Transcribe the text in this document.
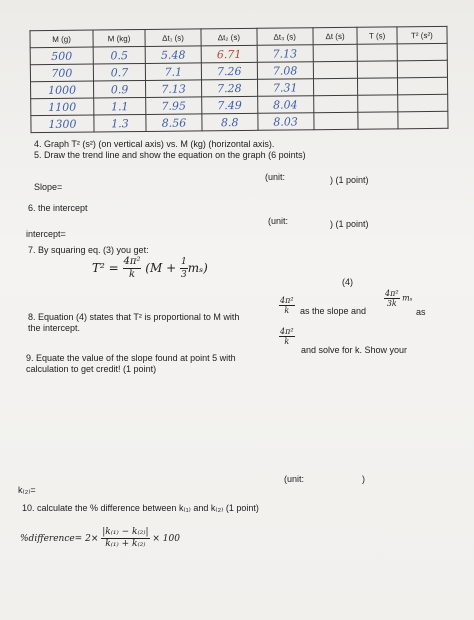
M (g)	M (kg)	Δt₁ (s)	Δt₂ (s)	Δt₃ (s)	Δt (s)	T (s)	T² (s²)
500	0.5	5.48	6.71	7.13			
700	0.7	7.1	7.26	7.08			
1000	0.9	7.13	7.28	7.31			
1100	1.1	7.95	7.49	8.04			
1300	1.3	8.56	8.8	8.03			
4. Graph T² (s²) (on vertical axis) vs. M (kg) (horizontal axis).
5. Draw the trend line and show the equation on the graph (6 points)
Slope=
(unit:	) (1 point)
6. the intercept
(unit:	) (1 point)
intercept=
7. By squaring eq. (3) you get:
$T^2 = \frac{\text{4π²}}{k} (M + \frac{1}{3} m_s)$
(4)
8. Equation (4) states that T² is proportional to M with
$\frac{\text{4π²}}{k}$ as the slope and
$\frac{\text{4π²}}{3k}$ mₛ
as
the intercept.
9. Equate the value of the slope found at point 5 with
$\frac{\text{4π²}}{k}$
and solve for k. Show your
calculation to get credit! (1 point)
(unit:	)
k₍₂₎=
10. calculate the % difference between k₍₁₎ and k₍₂₎ (1 point)
%difference= $2\times \frac{\text{|k₍₁₎ − k₍₂₎|}}{\text{k₍₁₎ + k₍₂₎}} \times 100$
